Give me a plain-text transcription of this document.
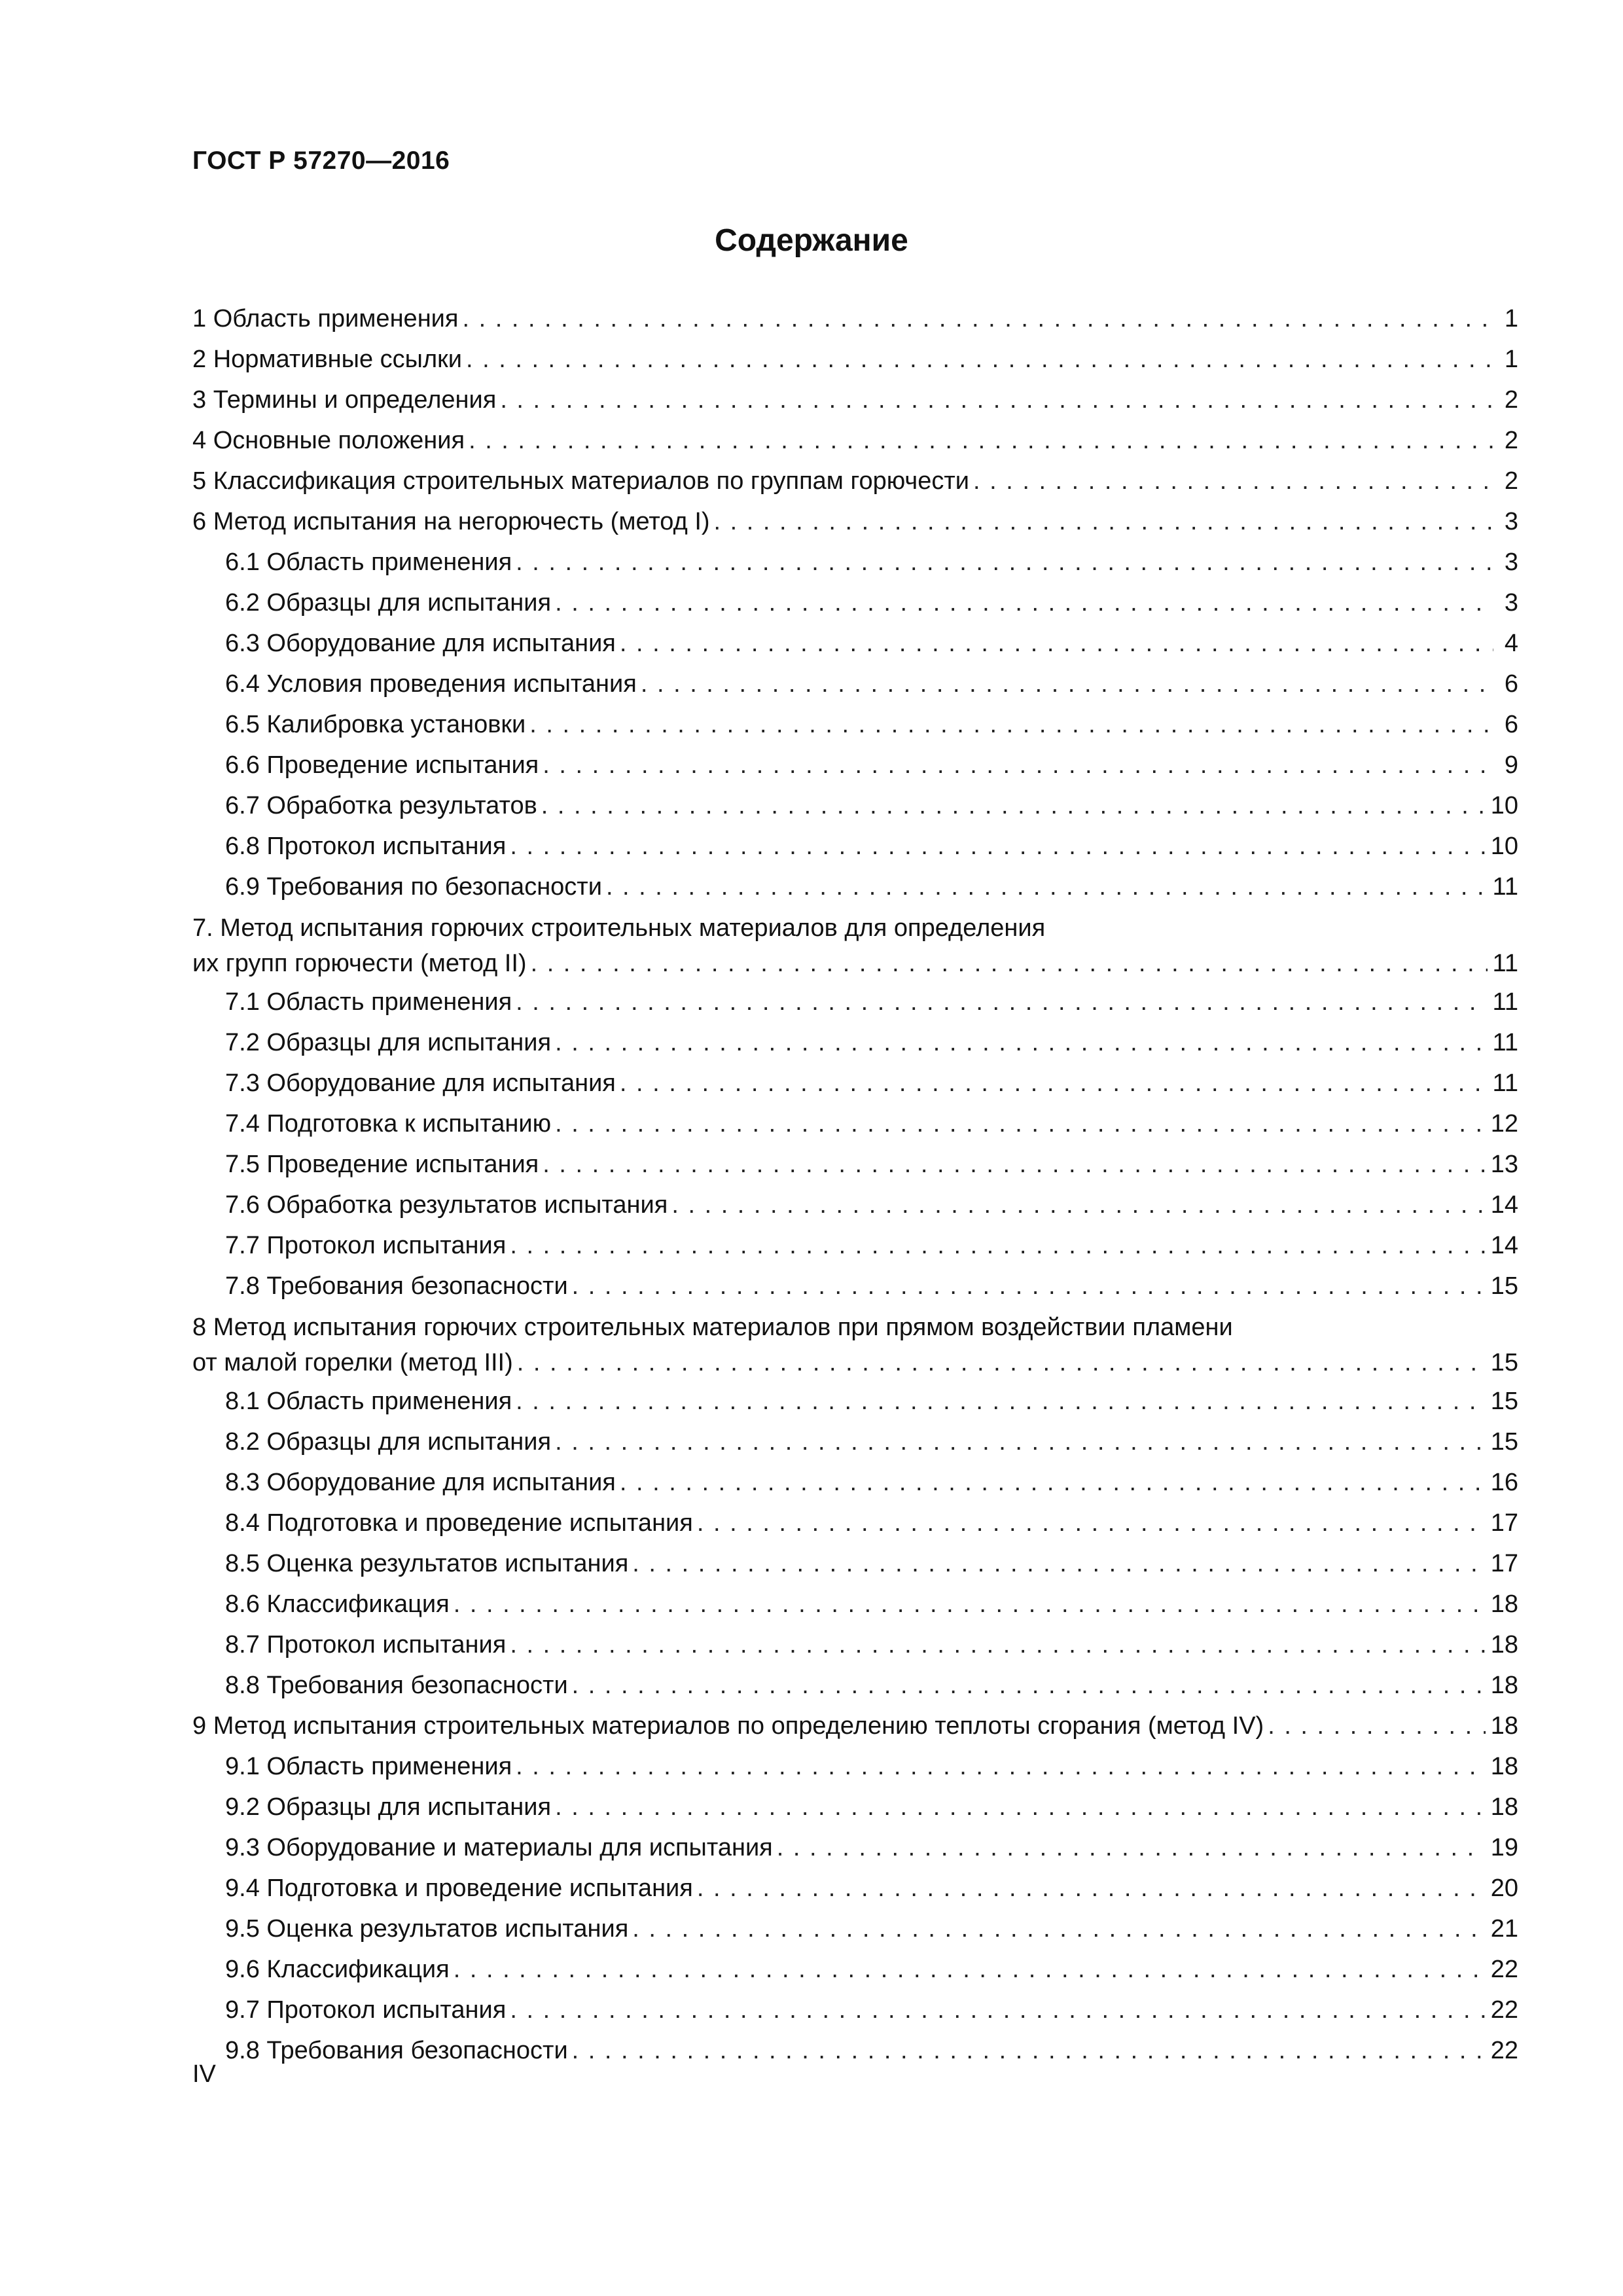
ГОСТ Р 57270—2016
Содержание
1 Область применения . . .	1
2 Нормативные ссылки . . .	1
3 Термины и определения . . .	2
4 Основные положения . . .	2
5 Классификация строительных материалов по группам горючести . . .	2
6 Метод испытания на негорючесть (метод I) . . .	3
6.1 Область применения . . .	3
6.2 Образцы для испытания . . .	3
6.3 Оборудование для испытания . . .	4
6.4 Условия проведения испытания . . .	6
6.5 Калибровка установки . . .	6
6.6 Проведение испытания . . .	9
6.7 Обработка результатов . . .	10
6.8 Протокол испытания . . .	10
6.9 Требования по безопасности . . .	11
7. Метод испытания горючих строительных материалов для определения
их групп горючести (метод II) . . .	11
7.1 Область применения . . .	11
7.2 Образцы для испытания . . .	11
7.3 Оборудование для испытания . . .	11
7.4 Подготовка к испытанию . . .	12
7.5 Проведение испытания . . .	13
7.6 Обработка результатов испытания . . .	14
7.7 Протокол испытания . . .	14
7.8 Требования безопасности . . .	15
8 Метод испытания горючих строительных материалов при прямом воздействии пламени
от малой горелки (метод III) . . .	15
8.1 Область применения . . .	15
8.2 Образцы для испытания . . .	15
8.3 Оборудование для испытания . . .	16
8.4 Подготовка и проведение испытания . . .	17
8.5 Оценка результатов испытания . . .	17
8.6 Классификация . . .	18
8.7 Протокол испытания . . .	18
8.8 Требования безопасности . . .	18
9 Метод испытания строительных материалов по определению теплоты сгорания (метод IV) . . .	18
9.1 Область применения . . .	18
9.2 Образцы для испытания . . .	18
9.3 Оборудование и материалы для испытания . . .	19
9.4 Подготовка и проведение испытания . . .	20
9.5 Оценка результатов испытания . . .	21
9.6 Классификация . . .	22
9.7 Протокол испытания . . .	22
9.8 Требования безопасности . . .	22
IV
